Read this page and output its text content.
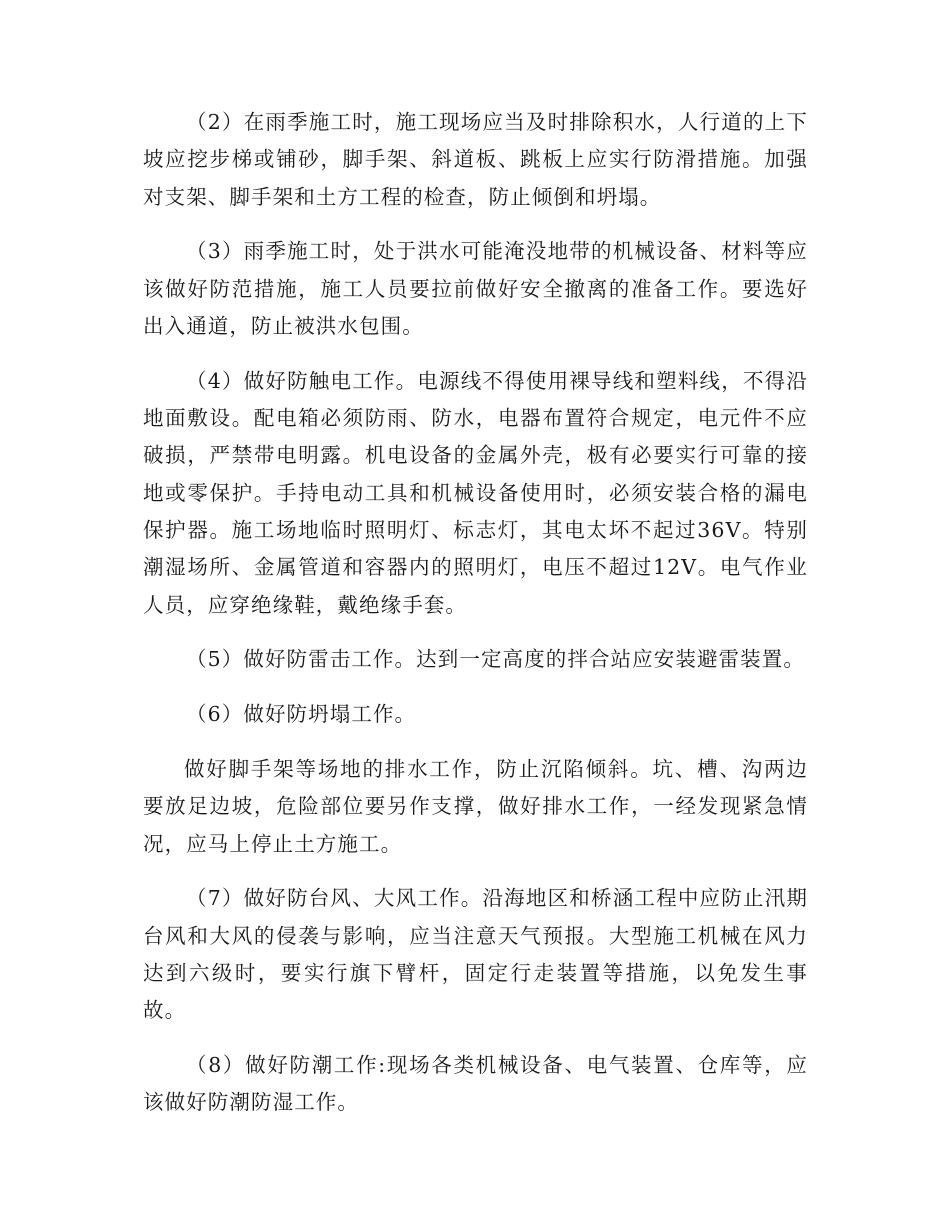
（2）在雨季施工时，施工现场应当及时排除积水，人行道的上下坡应挖步梯或铺砂，脚手架、斜道板、跳板上应实行防滑措施。加强对支架、脚手架和土方工程的检查，防止倾倒和坍塌。

（3）雨季施工时，处于洪水可能淹没地带的机械设备、材料等应该做好防范措施，施工人员要拉前做好安全撤离的准备工作。要选好出入通道，防止被洪水包围。

（4）做好防触电工作。电源线不得使用裸导线和塑料线，不得沿地面敷设。配电箱必须防雨、防水，电器布置符合规定，电元件不应破损，严禁带电明露。机电设备的金属外壳，极有必要实行可靠的接地或零保护。手持电动工具和机械设备使用时，必须安装合格的漏电保护器。施工场地临时照明灯、标志灯，其电太坏不起过36V。特别潮湿场所、金属管道和容器内的照明灯，电压不超过12V。电气作业人员，应穿绝缘鞋，戴绝缘手套。

（5）做好防雷击工作。达到一定高度的拌合站应安装避雷装置。

（6）做好防坍塌工作。

做好脚手架等场地的排水工作，防止沉陷倾斜。坑、槽、沟两边要放足边坡，危险部位要另作支撑，做好排水工作，一经发现紧急情况，应马上停止土方施工。

（7）做好防台风、大风工作。沿海地区和桥涵工程中应防止汛期台风和大风的侵袭与影响，应当注意天气预报。大型施工机械在风力达到六级时，要实行旗下臂杆，固定行走装置等措施，以免发生事故。

（8）做好防潮工作:现场各类机械设备、电气装置、仓库等，应该做好防潮防湿工作。
